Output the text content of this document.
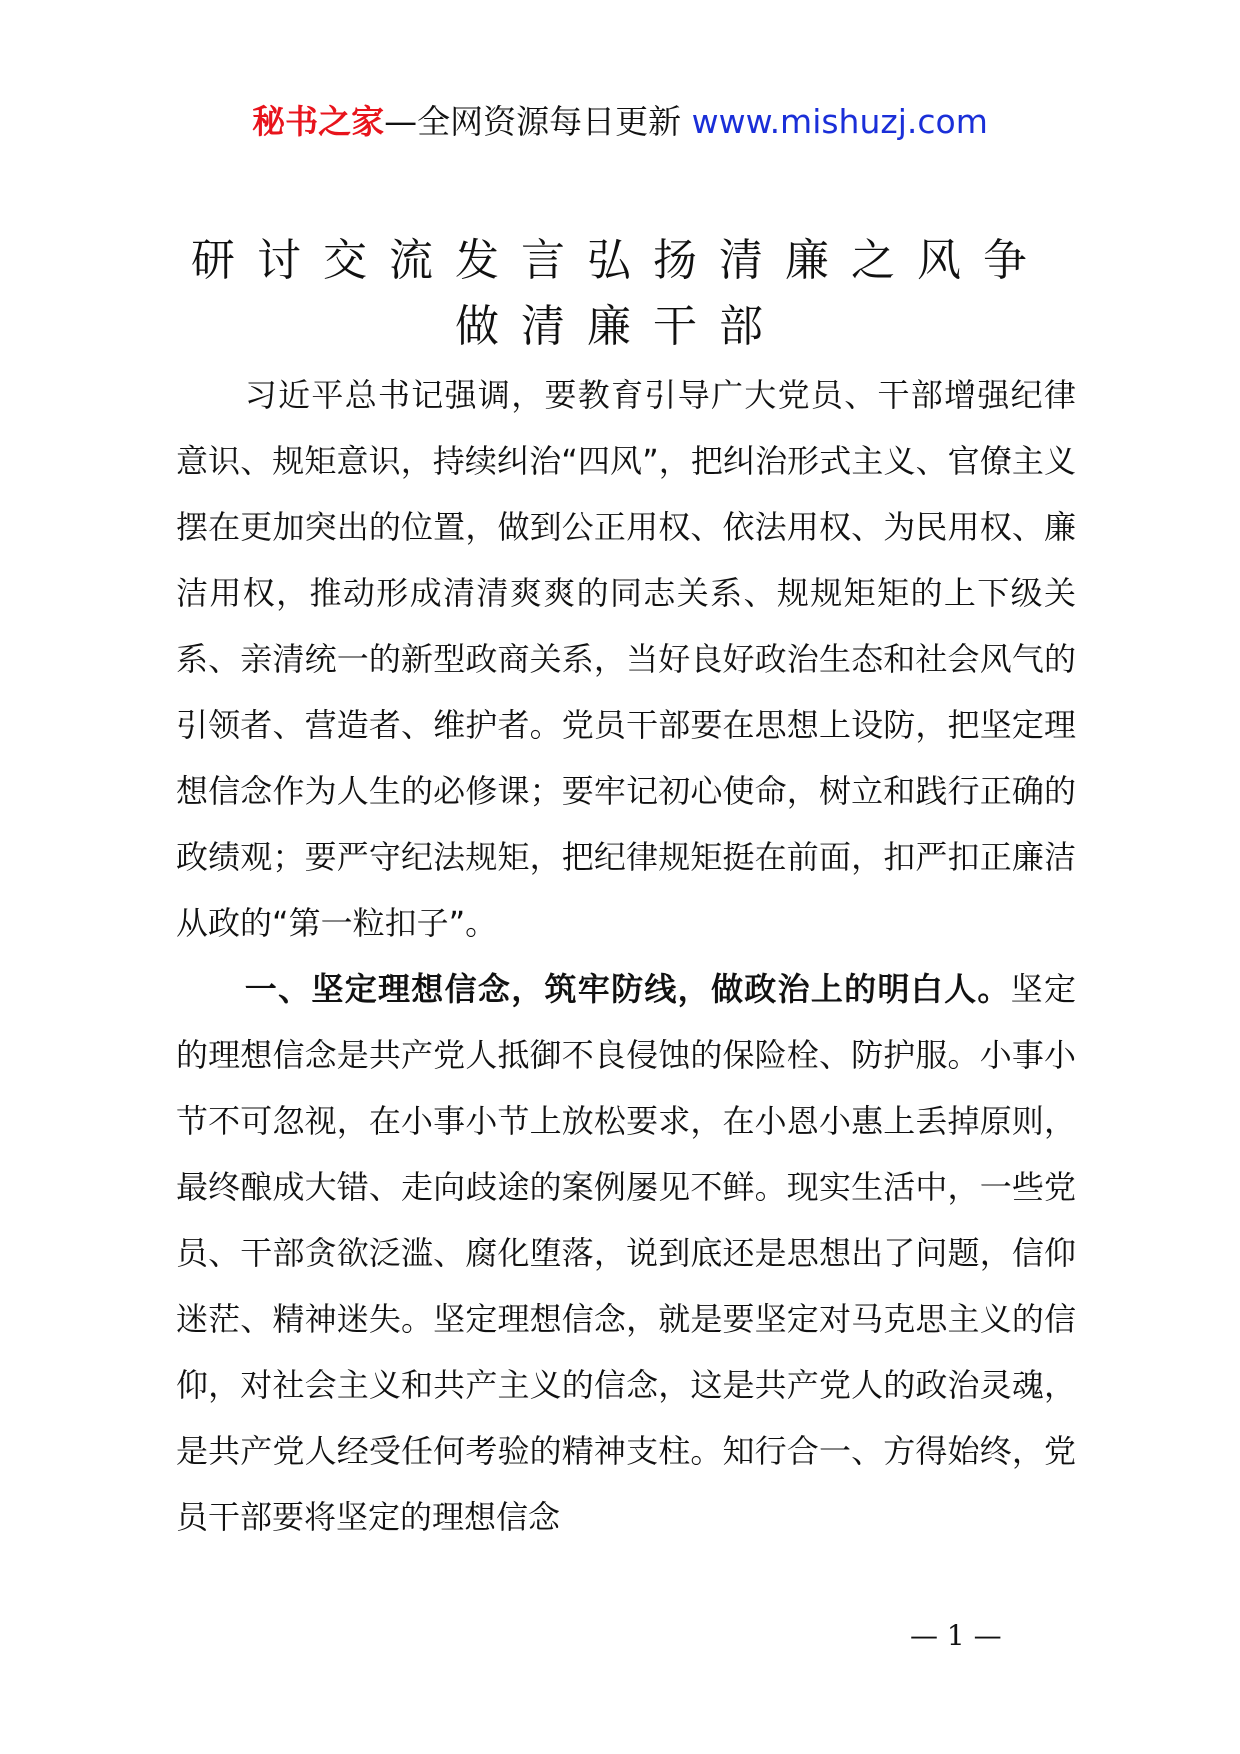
秘书之家—全网资源每日更新 www.mishuzj.com
研讨交流发言弘扬清廉之风争
做清廉干部

习近平总书记强调，要教育引导广大党员、干部增强纪律意识、规矩意识，持续纠治“四风”，把纠治形式主义、官僚主义摆在更加突出的位置，做到公正用权、依法用权、为民用权、廉洁用权，推动形成清清爽爽的同志关系、规规矩矩的上下级关系、亲清统一的新型政商关系，当好良好政治生态和社会风气的引领者、营造者、维护者。党员干部要在思想上设防，把坚定理想信念作为人生的必修课；要牢记初心使命，树立和践行正确的政绩观；要严守纪法规矩，把纪律规矩挺在前面，扣严扣正廉洁从政的“第一粒扣子”。

一、坚定理想信念，筑牢防线，做政治上的明白人。坚定的理想信念是共产党人抵御不良侵蚀的保险栓、防护服。小事小节不可忽视，在小事小节上放松要求，在小恩小惠上丢掉原则，最终酿成大错、走向歧途的案例屡见不鲜。现实生活中，一些党员、干部贪欲泛滥、腐化堕落，说到底还是思想出了问题，信仰迷茫、精神迷失。坚定理想信念，就是要坚定对马克思主义的信仰，对社会主义和共产主义的信念，这是共产党人的政治灵魂，是共产党人经受任何考验的精神支柱。知行合一、方得始终，党员干部要将坚定的理想信念

— 1 —
